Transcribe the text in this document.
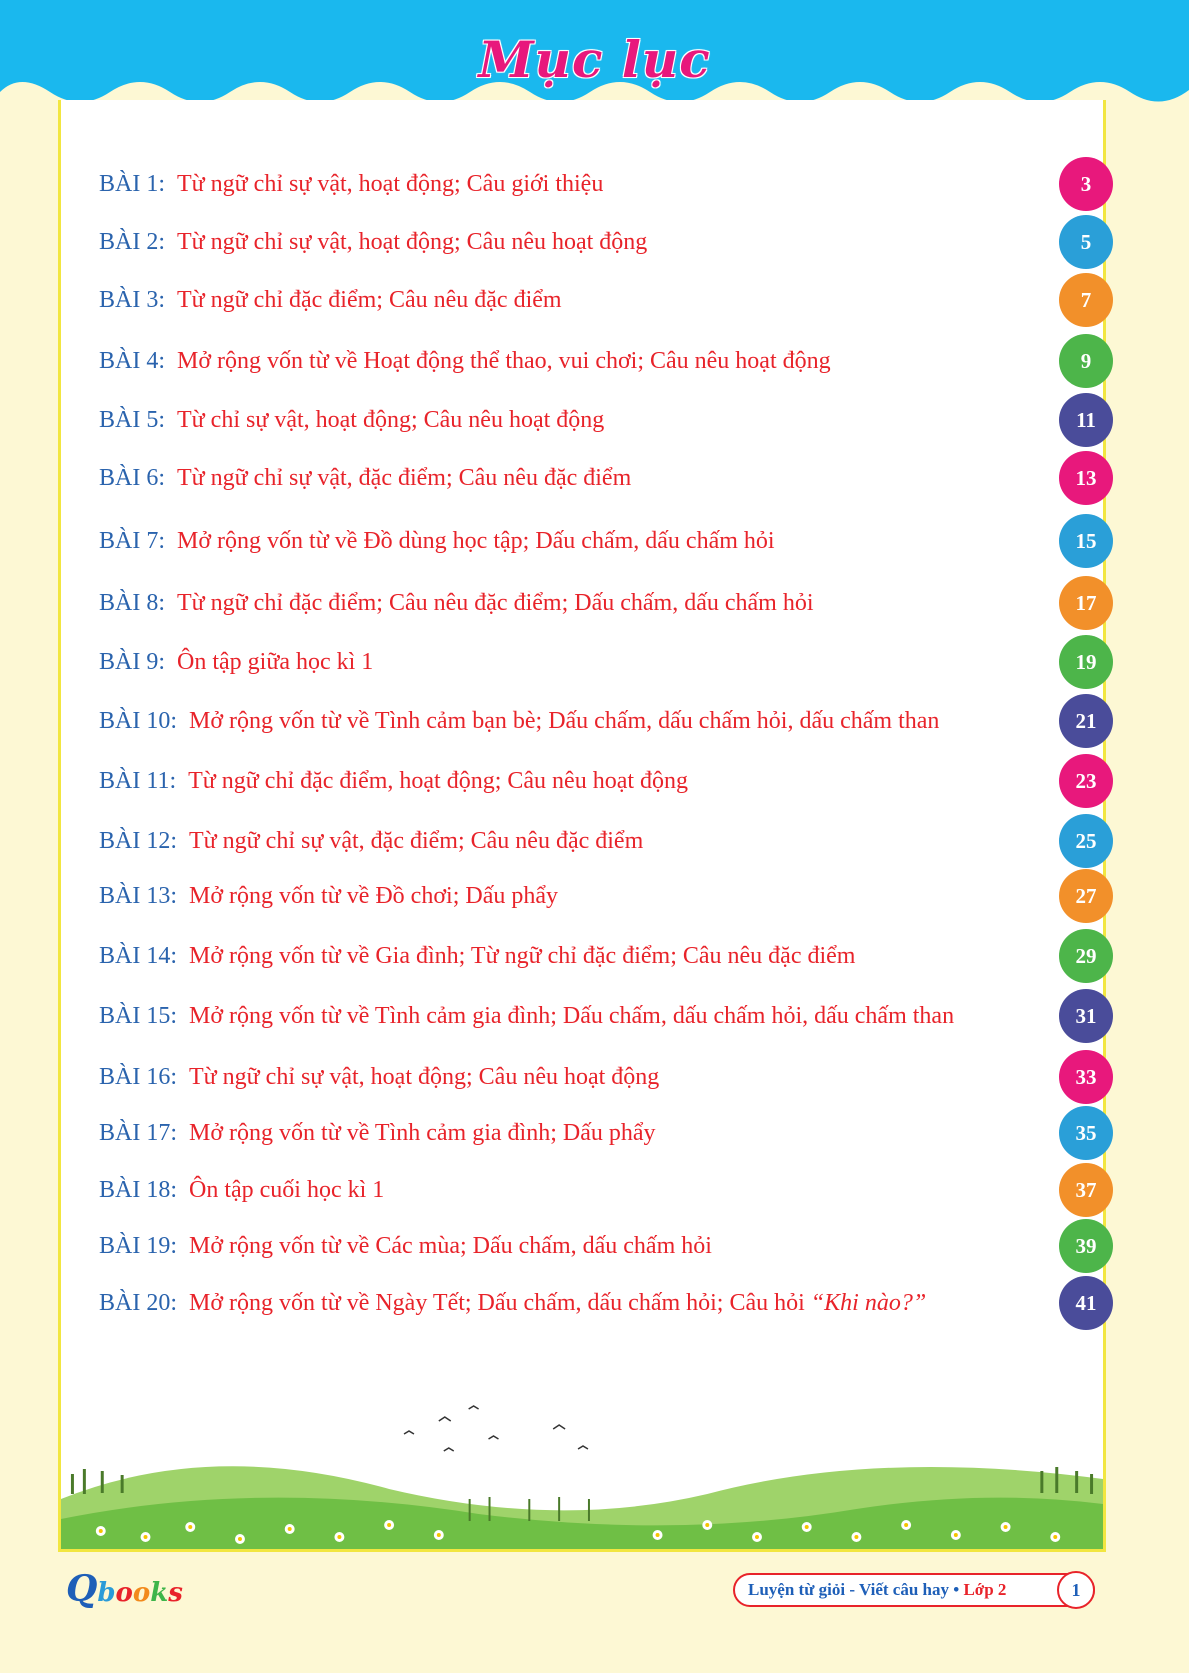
Mục lục
BÀI 1: Từ ngữ chỉ sự vật, hoạt động; Câu giới thiệu	3
BÀI 2: Từ ngữ chỉ sự vật, hoạt động; Câu nêu hoạt động	5
BÀI 3: Từ ngữ chỉ đặc điểm; Câu nêu đặc điểm	7
BÀI 4: Mở rộng vốn từ về Hoạt động thể thao, vui chơi; Câu nêu hoạt động	9
BÀI 5: Từ chỉ sự vật, hoạt động; Câu nêu hoạt động	11
BÀI 6: Từ ngữ chỉ sự vật, đặc điểm; Câu nêu đặc điểm	13
BÀI 7: Mở rộng vốn từ về Đồ dùng học tập; Dấu chấm, dấu chấm hỏi	15
BÀI 8: Từ ngữ chỉ đặc điểm; Câu nêu đặc điểm; Dấu chấm, dấu chấm hỏi	17
BÀI 9: Ôn tập giữa học kì 1	19
BÀI 10: Mở rộng vốn từ về Tình cảm bạn bè; Dấu chấm, dấu chấm hỏi, dấu chấm than	21
BÀI 11: Từ ngữ chỉ đặc điểm, hoạt động; Câu nêu hoạt động	23
BÀI 12: Từ ngữ chỉ sự vật, đặc điểm; Câu nêu đặc điểm	25
BÀI 13: Mở rộng vốn từ về Đồ chơi; Dấu phẩy	27
BÀI 14: Mở rộng vốn từ về Gia đình; Từ ngữ chỉ đặc điểm; Câu nêu đặc điểm	29
BÀI 15: Mở rộng vốn từ về Tình cảm gia đình; Dấu chấm, dấu chấm hỏi, dấu chấm than	31
BÀI 16: Từ ngữ chỉ sự vật, hoạt động; Câu nêu hoạt động	33
BÀI 17: Mở rộng vốn từ về Tình cảm gia đình; Dấu phẩy	35
BÀI 18: Ôn tập cuối học kì 1	37
BÀI 19: Mở rộng vốn từ về Các mùa; Dấu chấm, dấu chấm hỏi	39
BÀI 20: Mở rộng vốn từ về Ngày Tết; Dấu chấm, dấu chấm hỏi; Câu hỏi “Khi nào?”	41
Qbooks	Luyện từ giỏi - Viết câu hay • Lớp 2	1
